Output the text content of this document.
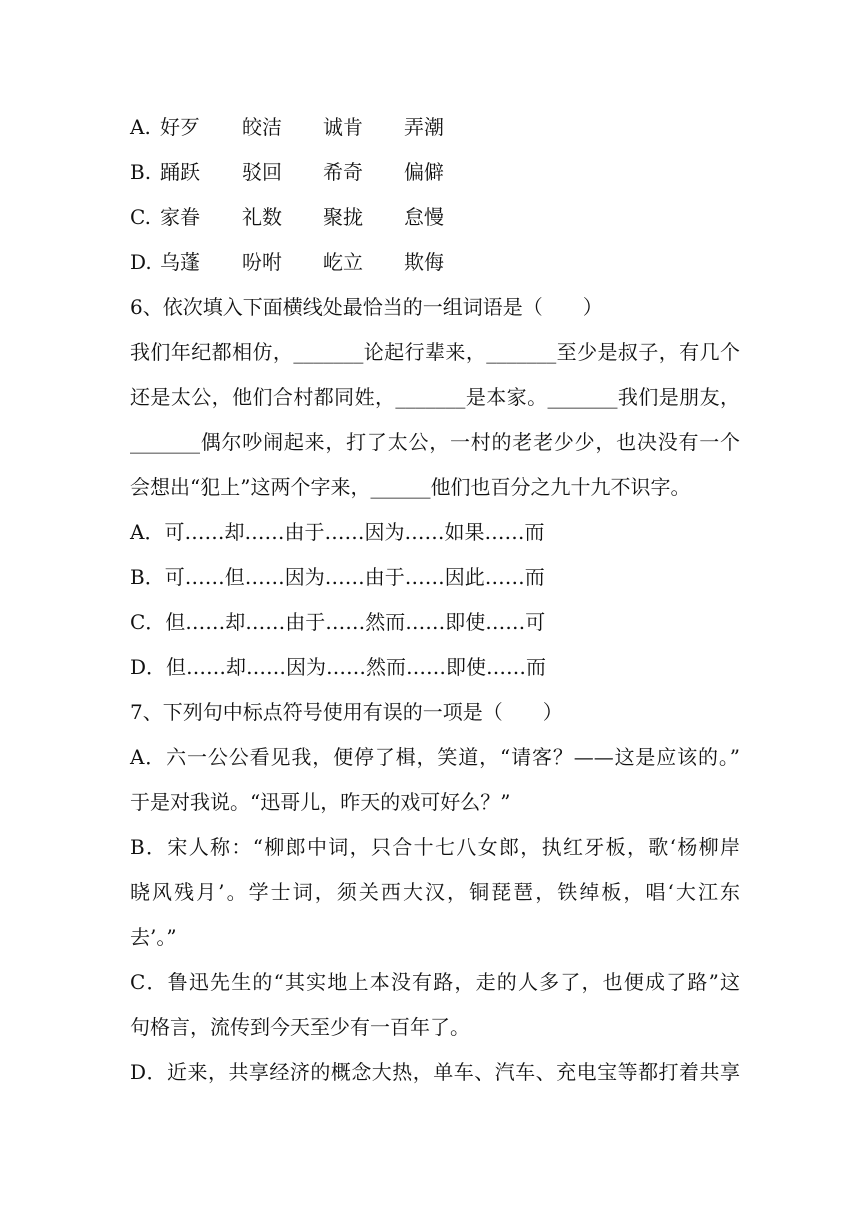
A. 好歹 皎洁 诚肯 弄潮
B. 踊跃 驳回 希奇 偏僻
C. 家眷 礼数 聚拢 怠慢
D. 乌蓬 吩咐 屹立 欺侮
6、依次填入下面横线处最恰当的一组词语是（　　）
我们年纪都相仿，_______论起行辈来，_______至少是叔子，有几个
还是太公，他们合村都同姓，_______是本家。_______我们是朋友，
_______偶尔吵闹起来，打了太公，一村的老老少少，也决没有一个
会想出“犯上”这两个字来，______他们也百分之九十九不识字。
A．可……却……由于……因为……如果……而
B．可……但……因为……由于……因此……而
C．但……却……由于……然而……即使……可
D．但……却……因为……然而……即使……而
7、下列句中标点符号使用有误的一项是（　　）
A．六一公公看见我，便停了楫，笑道，“请客？——这是应该的。”
于是对我说。“迅哥儿，昨天的戏可好么？”
B．宋人称：“柳郎中词，只合十七八女郎，执红牙板，歌‘杨柳岸
晓风残月’。学士词，须关西大汉，铜琵琶，铁绰板，唱‘大江东
去’。”
C．鲁迅先生的“其实地上本没有路，走的人多了，也便成了路”这
句格言，流传到今天至少有一百年了。
D．近来，共享经济的概念大热，单车、汽车、充电宝等都打着共享
